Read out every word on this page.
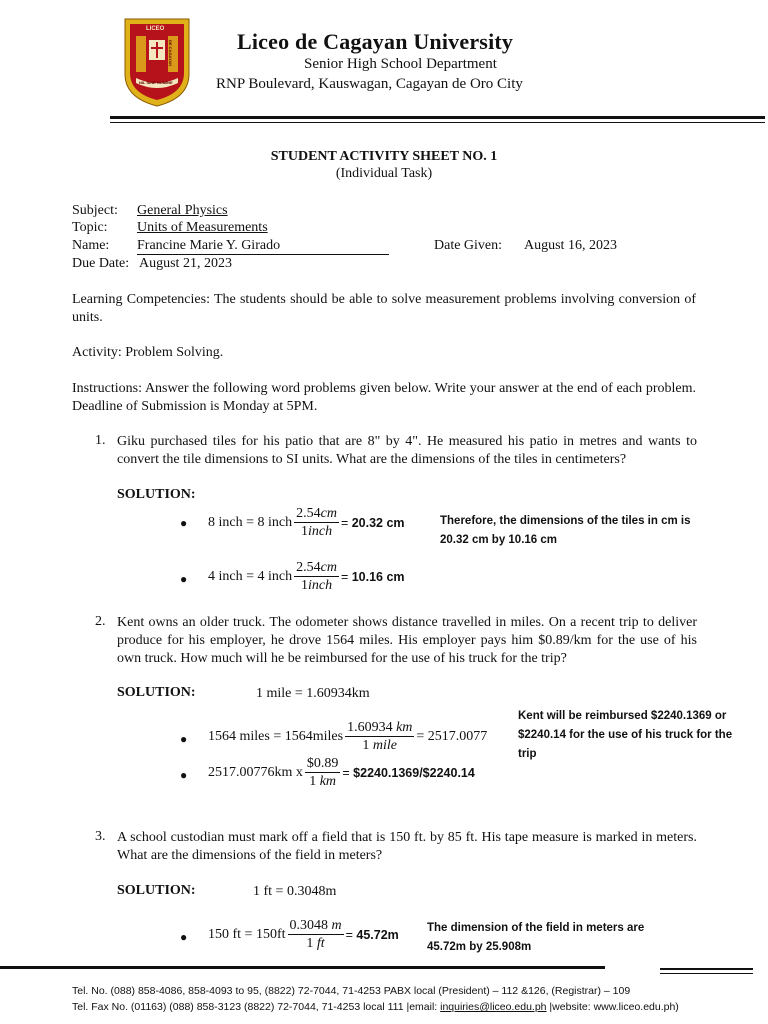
LICEO
DE CAGAYAN
NIL SINE NUMINE
Liceo de Cagayan University
Senior High School Department
RNP Boulevard, Kauswagan, Cagayan de Oro City
STUDENT ACTIVITY SHEET NO. 1
(Individual Task)
Subject: General Physics
Topic: Units of Measurements
Name: Francine Marie Y. Girado	Date Given: August 16, 2023
Due Date: August 21, 2023
Learning Competencies: The students should be able to solve measurement problems involving conversion of units.
Activity: Problem Solving.
Instructions: Answer the following word problems given below. Write your answer at the end of each problem. Deadline of Submission is Monday at 5PM.
1. Giku purchased tiles for his patio that are 8" by 4". He measured his patio in metres and wants to convert the tile dimensions to SI units. What are the dimensions of the tiles in centimeters?
SOLUTION:
● 8 inch = 8 inch $\frac{2.54cm}{\text{1inch}} = 20.32$ cm
● 4 inch = 4 inch $\frac{2.54cm}{\text{1inch}} = 10.16$ cm
Therefore, the dimensions of the tiles in cm is 20.32 cm by 10.16 cm
2. Kent owns an older truck. The odometer shows distance travelled in miles. On a recent trip to deliver produce for his employer, he drove 1564 miles. His employer pays him $0.89/km for the use of his own truck. How much will he be reimbursed for the use of his truck for the trip?
SOLUTION:	1 mile = 1.60934km
● 1564 miles = 1564miles $\frac{1.60934 km}{\text{1 mile}} = 2517.0077$
● 2517.00776km x $\frac{\$0.89}{1 km}$ = $2240.1369/$2240.14
Kent will be reimbursed $2240.1369 or $2240.14 for the use of his truck for the trip
3. A school custodian must mark off a field that is 150 ft. by 85 ft. His tape measure is marked in meters. What are the dimensions of the field in meters?
SOLUTION:	1 ft = 0.3048m
● 150 ft = $150ft \frac{0.3048 m}{1 ft} = 45.72m$ The dimension of the field in meters are 45.72m by 25.908m
Tel. No. (088) 858-4086, 858-4093 to 95, (8822) 72-7044, 71-4253 PABX local (President) – 112 &126, (Registrar) – 109
Tel. Fax No. (01163) (088) 858-3123 (8822) 72-7044, 71-4253 local 111 |email: inquiries@liceo.edu.ph |website: www.liceo.edu.ph)
